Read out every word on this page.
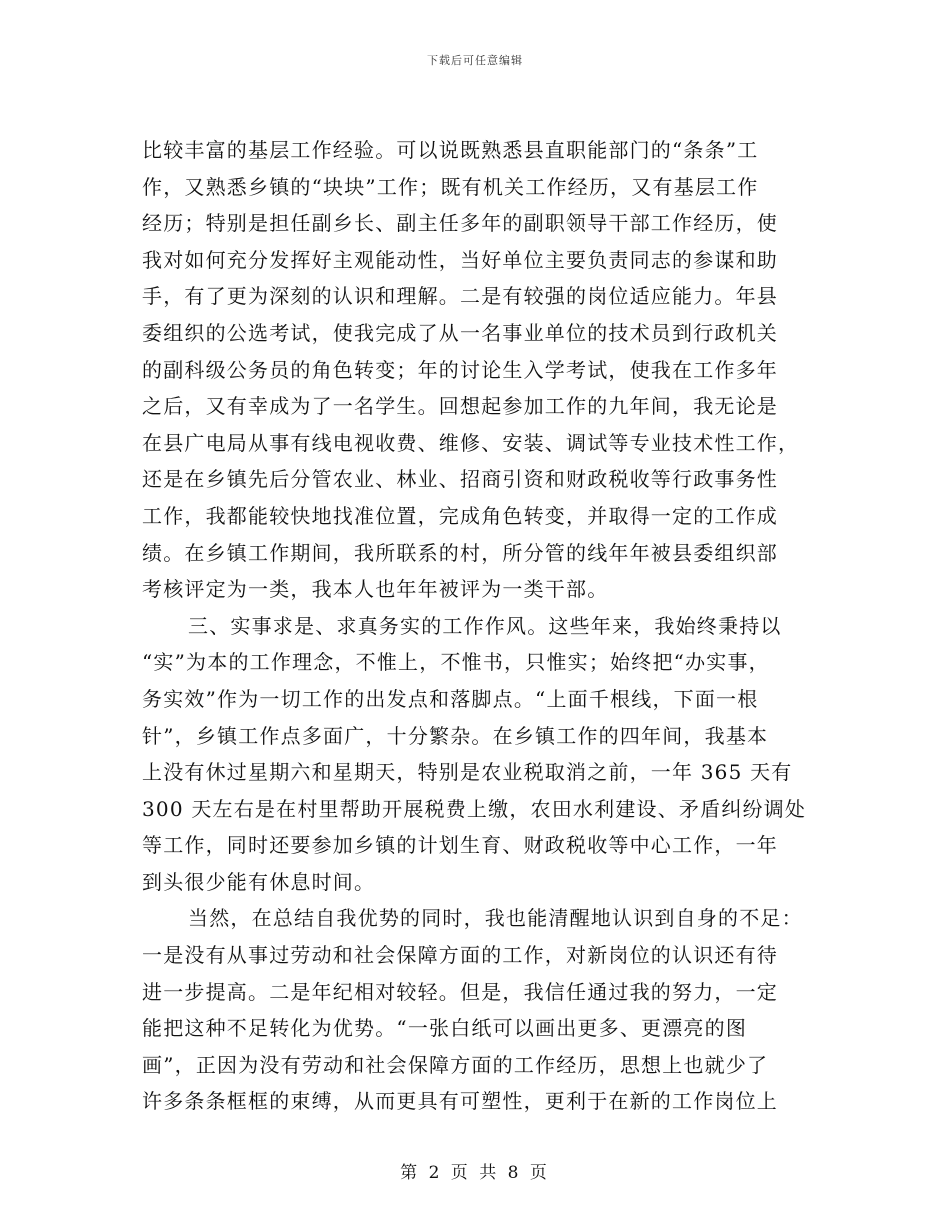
下载后可任意编辑
比较丰富的基层工作经验。可以说既熟悉县直职能部门的“条条”工
作，又熟悉乡镇的“块块”工作；既有机关工作经历，又有基层工作
经历；特别是担任副乡长、副主任多年的副职领导干部工作经历，使
我对如何充分发挥好主观能动性，当好单位主要负责同志的参谋和助
手，有了更为深刻的认识和理解。二是有较强的岗位适应能力。年县
委组织的公选考试，使我完成了从一名事业单位的技术员到行政机关
的副科级公务员的角色转变；年的讨论生入学考试，使我在工作多年
之后，又有幸成为了一名学生。回想起参加工作的九年间，我无论是
在县广电局从事有线电视收费、维修、安装、调试等专业技术性工作，
还是在乡镇先后分管农业、林业、招商引资和财政税收等行政事务性
工作，我都能较快地找准位置，完成角色转变，并取得一定的工作成
绩。在乡镇工作期间，我所联系的村，所分管的线年年被县委组织部
考核评定为一类，我本人也年年被评为一类干部。
三、实事求是、求真务实的工作作风。这些年来，我始终秉持以
“实”为本的工作理念，不惟上，不惟书，只惟实；始终把“办实事，
务实效”作为一切工作的出发点和落脚点。“上面千根线，下面一根
针”，乡镇工作点多面广，十分繁杂。在乡镇工作的四年间，我基本
上没有休过星期六和星期天，特别是农业税取消之前，一年 365 天有
300 天左右是在村里帮助开展税费上缴，农田水利建设、矛盾纠纷调处
等工作，同时还要参加乡镇的计划生育、财政税收等中心工作，一年
到头很少能有休息时间。
当然，在总结自我优势的同时，我也能清醒地认识到自身的不足：
一是没有从事过劳动和社会保障方面的工作，对新岗位的认识还有待
进一步提高。二是年纪相对较轻。但是，我信任通过我的努力，一定
能把这种不足转化为优势。“一张白纸可以画出更多、更漂亮的图
画”，正因为没有劳动和社会保障方面的工作经历，思想上也就少了
许多条条框框的束缚，从而更具有可塑性，更利于在新的工作岗位上
第 2 页 共 8 页
